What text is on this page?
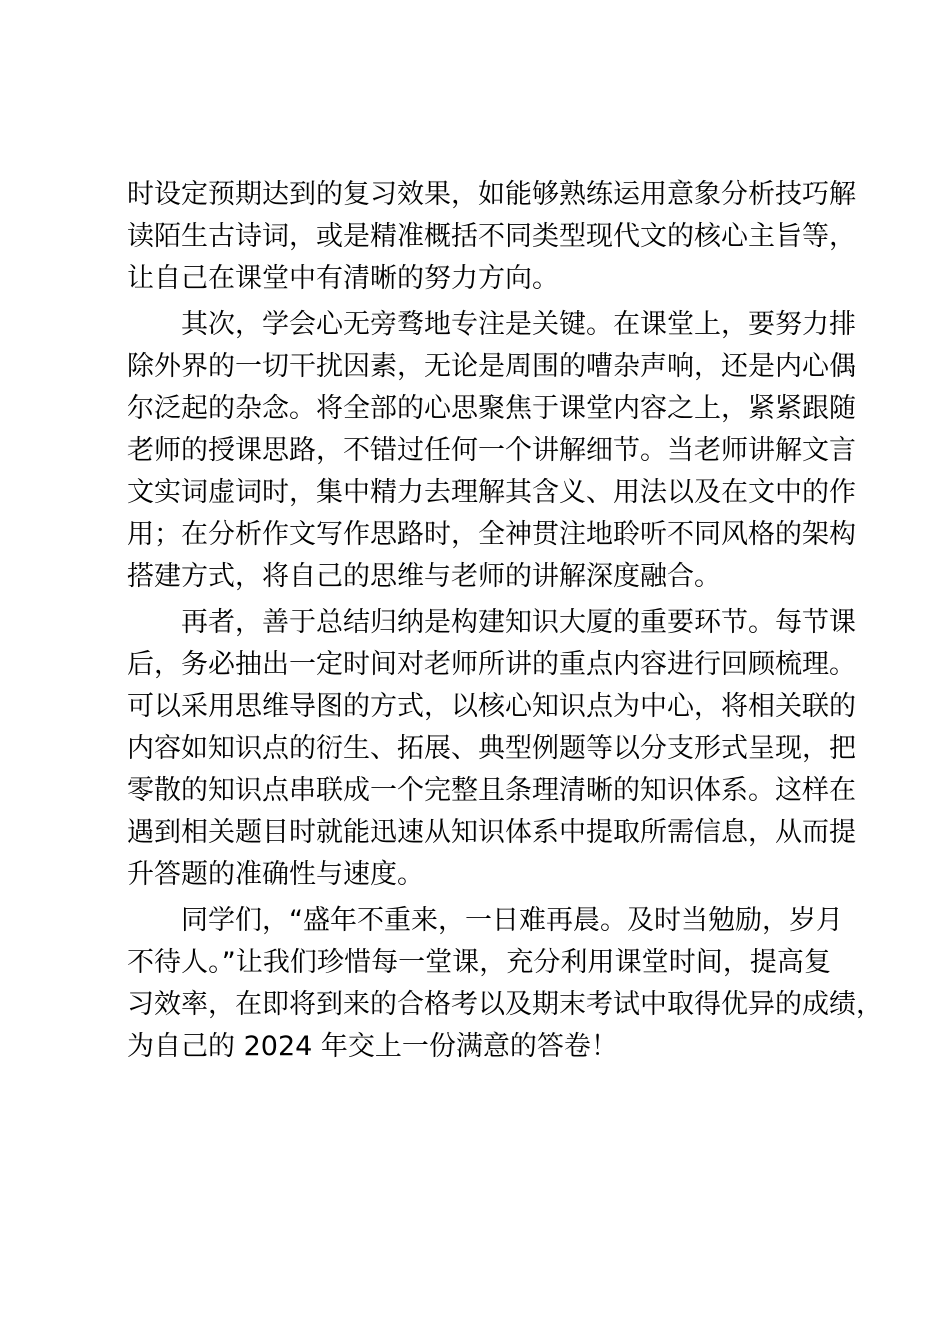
时设定预期达到的复习效果，如能够熟练运用意象分析技巧解
读陌生古诗词，或是精准概括不同类型现代文的核心主旨等，
让自己在课堂中有清晰的努力方向。
其次，学会心无旁骛地专注是关键。在课堂上，要努力排
除外界的一切干扰因素，无论是周围的嘈杂声响，还是内心偶
尔泛起的杂念。将全部的心思聚焦于课堂内容之上，紧紧跟随
老师的授课思路，不错过任何一个讲解细节。当老师讲解文言
文实词虚词时，集中精力去理解其含义、用法以及在文中的作
用；在分析作文写作思路时，全神贯注地聆听不同风格的架构
搭建方式，将自己的思维与老师的讲解深度融合。
再者，善于总结归纳是构建知识大厦的重要环节。每节课
后，务必抽出一定时间对老师所讲的重点内容进行回顾梳理。
可以采用思维导图的方式，以核心知识点为中心，将相关联的
内容如知识点的衍生、拓展、典型例题等以分支形式呈现，把
零散的知识点串联成一个完整且条理清晰的知识体系。这样在
遇到相关题目时就能迅速从知识体系中提取所需信息，从而提
升答题的准确性与速度。
同学们，“盛年不重来，一日难再晨。及时当勉励，岁月
不待人。”让我们珍惜每一堂课，充分利用课堂时间，提高复
习效率，在即将到来的合格考以及期末考试中取得优异的成绩，
为自己的 2024 年交上一份满意的答卷！
